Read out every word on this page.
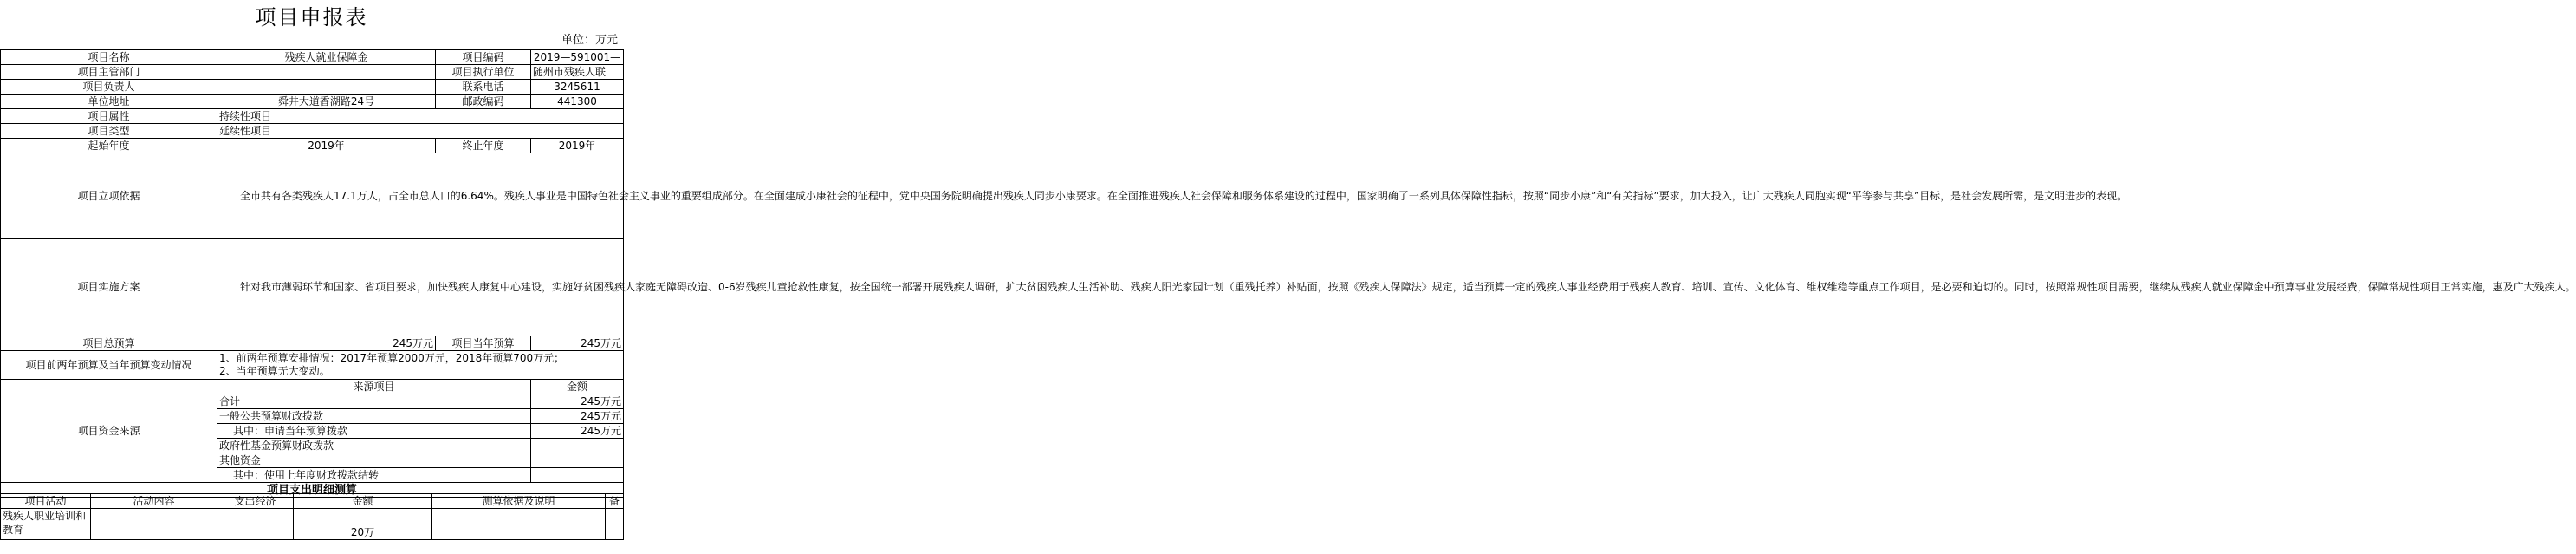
项目申报表
单位：万元
项目名称	残疾人就业保障金	项目编码	2019—591001—
项目主管部门		项目执行单位	随州市残疾人联
项目负责人		联系电话	3245611
单位地址	舜井大道香湖路24号	邮政编码	441300
项目属性	持续性项目		
项目类型	延续性项目		
起始年度	2019年	终止年度	2019年
项目立项依据	全市共有各类残疾人17.1万人，占全市总人口的6.64%。残疾人事业是中国特色社会主义事业的重要组成部分。在全面建成小康社会的征程中，党中央国务院明确提出残疾人同步小康要求。在全面推进残疾人社会保障和服务体系建设的过程中，国家明确了一系列具体保障性指标，按照“同步小康”和“有关指标”要求，加大投入，让广大残疾人同胞实现“平等参与共享”目标，是社会发展所需，是文明进步的表现。		
项目实施方案	针对我市薄弱环节和国家、省项目要求，加快残疾人康复中心建设，实施好贫困残疾人家庭无障碍改造、0-6岁残疾儿童抢救性康复，按全国统一部署开展残疾人调研，扩大贫困残疾人生活补助、残疾人阳光家园计划（重残托养）补贴面，按照《残疾人保障法》规定，适当预算一定的残疾人事业经费用于残疾人教育、培训、宣传、文化体育、维权维稳等重点工作项目，是必要和迫切的。同时，按照常规性项目需要，继续从残疾人就业保障金中预算事业发展经费，保障常规性项目正常实施，惠及广大残疾人。		
项目总预算	245万元	项目当年预算	245万元
项目前两年预算及当年预算变动情况	1、前两年预算安排情况：2017年预算2000万元，2018年预算700万元；
2、当年预算无大变动。		

项目资金来源	来源项目		金额
	合计		245万元
	一般公共预算财政拨款		245万元
	其中：申请当年预算拨款		245万元
	政府性基金预算财政拨款		
	其他资金		
	其中：使用上年度财政拨款结转		
项目支出明细测算			
项目活动	活动内容	支出经济	金额	测算依据及说明	备
残疾人职业培训和教育			20万		
